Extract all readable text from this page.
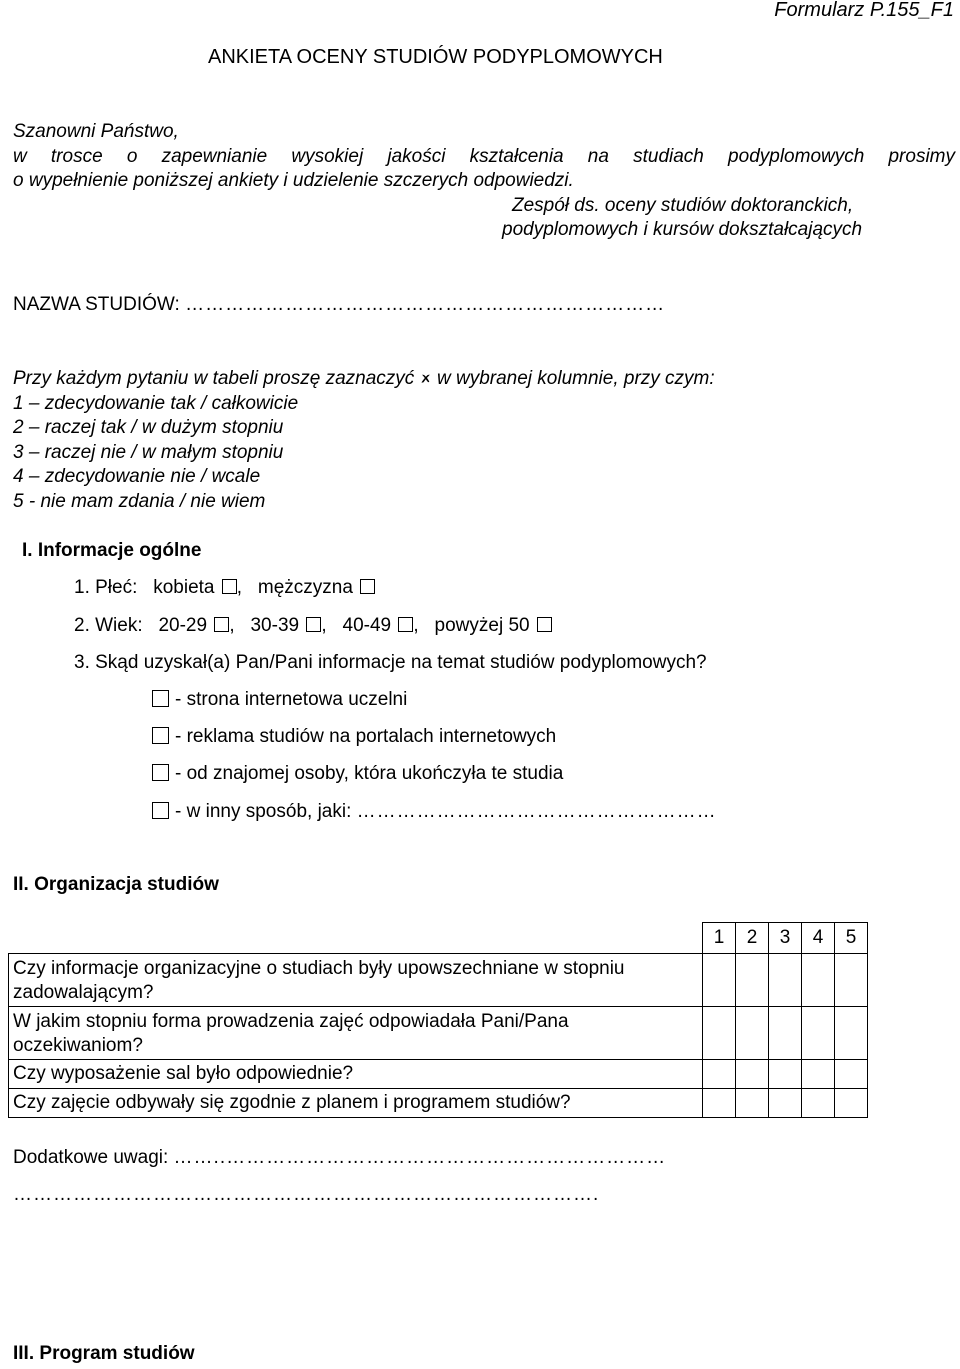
Formularz P.155_F1
ANKIETA OCENY STUDIÓW PODYPLOMOWYCH
Szanowni Państwo,
w trosce o zapewnianie wysokiej jakości kształcenia na studiach podyplomowych prosimy
o wypełnienie poniższej ankiety i udzielenie szczerych odpowiedzi.
Zespół ds. oceny studiów doktoranckich,
podyplomowych i kursów dokształcających
NAZWA STUDIÓW: ………………………………………………………………
Przy każdym pytaniu w tabeli proszę zaznaczyć 🗶 w wybranej kolumnie, przy czym:
1 – zdecydowanie tak / całkowicie
2 – raczej tak / w dużym stopniu
3 – raczej nie / w małym stopniu
4 – zdecydowanie nie / wcale
5 - nie mam zdania / nie wiem
I. Informacje ogólne
1. Płeć: kobieta ,   mężczyzna
2. Wiek: 20-29 ,   30-39 ,   40-49 ,   powyżej 50
3. Skąd uzyskał(a) Pan/Pani informacje na temat studiów podyplomowych?
- strona internetowa uczelni
- reklama studiów na portalach internetowych
- od znajomej osoby, która ukończyła te studia
- w inny sposób, jaki: ………………………………………………
II. Organizacja studiów
	1	2	3	4	5
Czy informacje organizacyjne o studiach były upowszechniane w stopniu zadowalającym?					
W jakim stopniu forma prowadzenia zajęć odpowiadała Pani/Pana oczekiwaniom?					
Czy wyposażenie sal było odpowiednie?					
Czy zajęcie odbywały się zgodnie z planem i programem studiów?					
Dodatkowe uwagi: ……..…………………………………………………………
…………………………………………………………………………….
III. Program studiów
